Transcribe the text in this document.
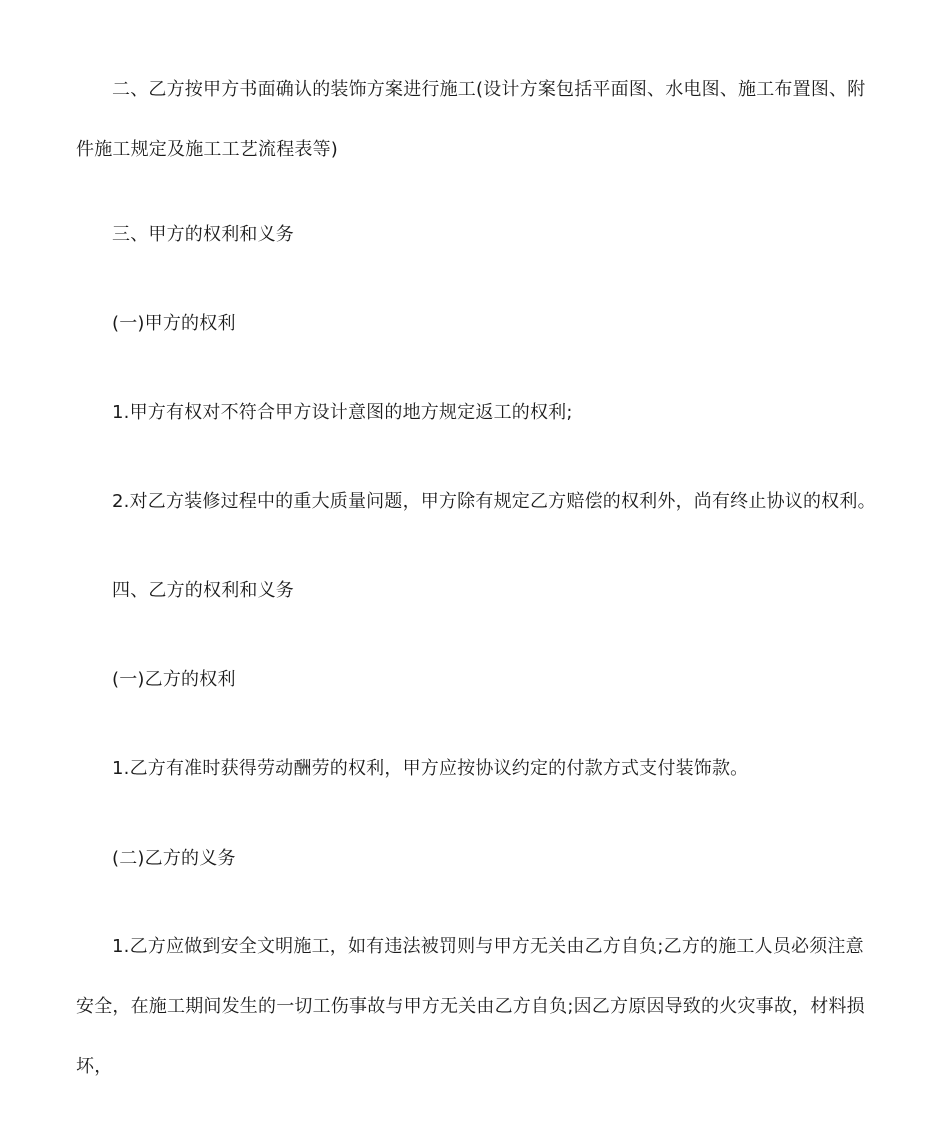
二、乙方按甲方书面确认的装饰方案进行施工(设计方案包括平面图、水电图、施工布置图、附件施工规定及施工工艺流程表等)

三、甲方的权利和义务

(一)甲方的权利

1.甲方有权对不符合甲方设计意图的地方规定返工的权利;

2.对乙方装修过程中的重大质量问题，甲方除有规定乙方赔偿的权利外，尚有终止协议的权利。

四、乙方的权利和义务

(一)乙方的权利

1.乙方有准时获得劳动酬劳的权利，甲方应按协议约定的付款方式支付装饰款。

(二)乙方的义务

1.乙方应做到安全文明施工，如有违法被罚则与甲方无关由乙方自负;乙方的施工人员必须注意安全，在施工期间发生的一切工伤事故与甲方无关由乙方自负;因乙方原因导致的火灾事故，材料损坏，
